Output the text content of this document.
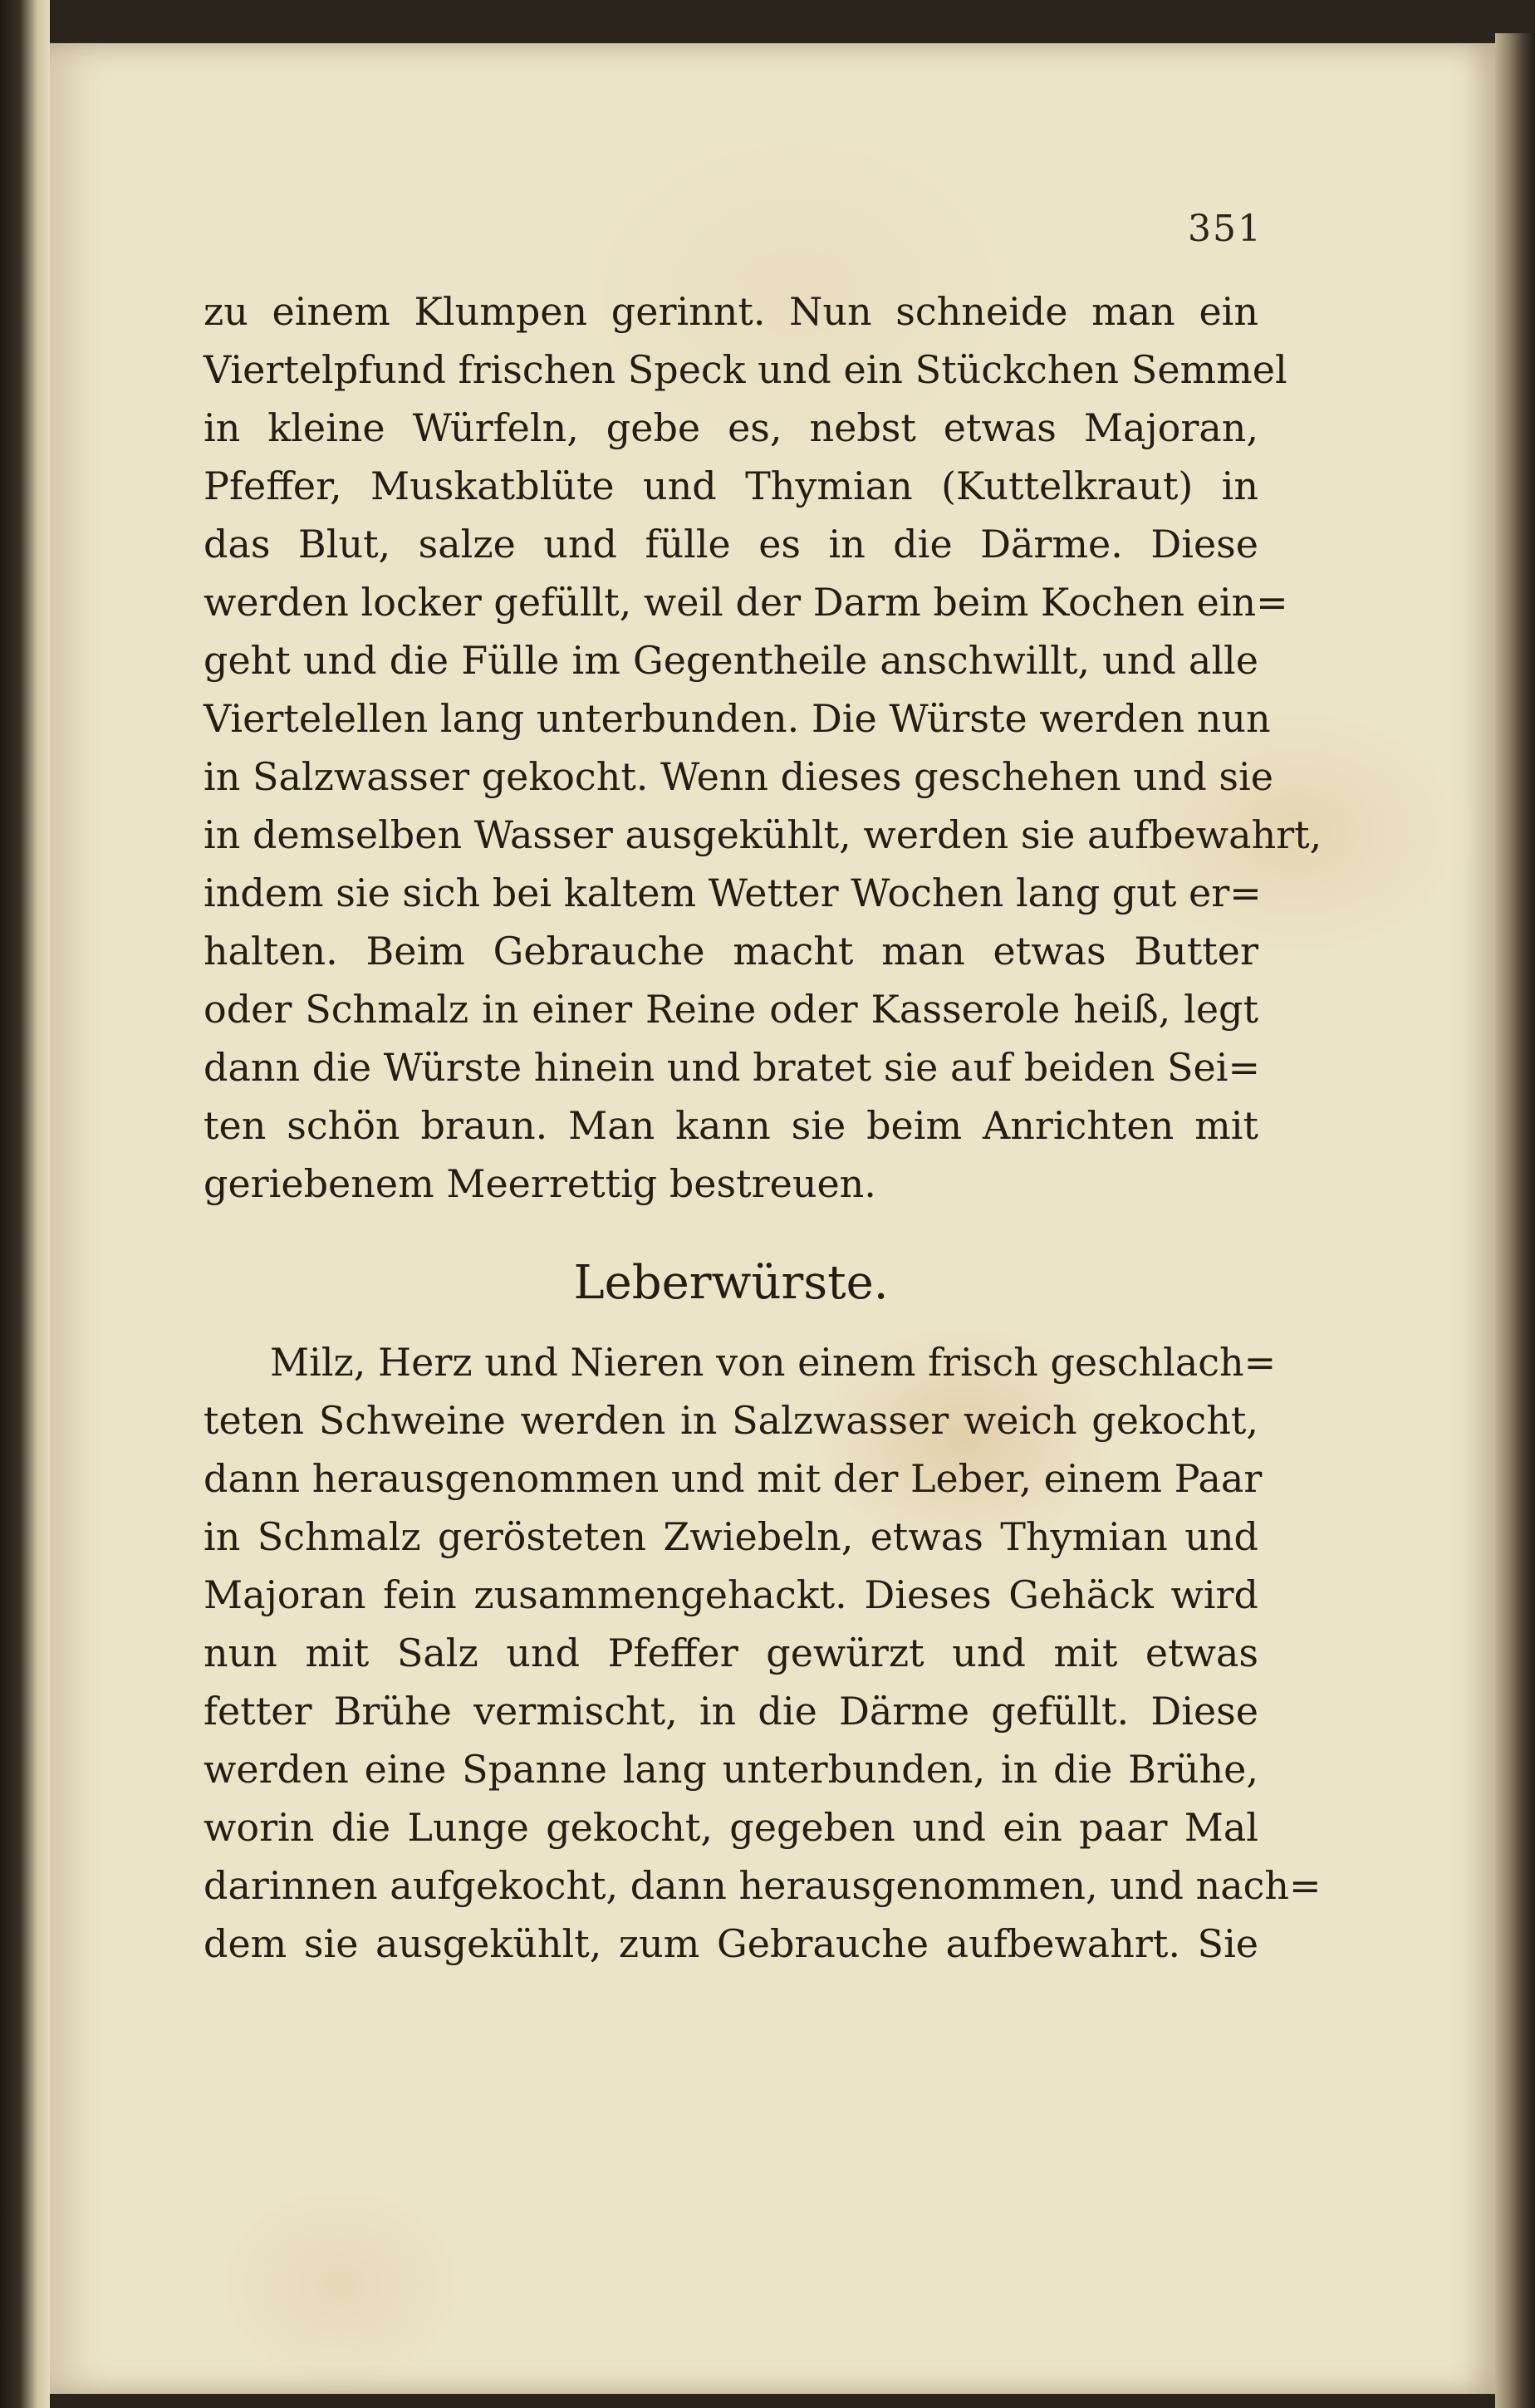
351
zu einem Klumpen gerinnt. Nun schneide man ein
Viertelpfund frischen Speck und ein Stückchen Semmel
in kleine Würfeln, gebe es, nebst etwas Majoran,
Pfeffer, Muskatblüte und Thymian (Kuttelkraut) in
das Blut, salze und fülle es in die Därme. Diese
werden locker gefüllt, weil der Darm beim Kochen ein=
geht und die Fülle im Gegentheile anschwillt, und alle
Viertelellen lang unterbunden. Die Würste werden nun
in Salzwasser gekocht. Wenn dieses geschehen und sie
in demselben Wasser ausgekühlt, werden sie aufbewahrt,
indem sie sich bei kaltem Wetter Wochen lang gut er=
halten. Beim Gebrauche macht man etwas Butter
oder Schmalz in einer Reine oder Kasserole heiß, legt
dann die Würste hinein und bratet sie auf beiden Sei=
ten schön braun. Man kann sie beim Anrichten mit
geriebenem Meerrettig bestreuen.
Leberwürste.
Milz, Herz und Nieren von einem frisch geschlach=
teten Schweine werden in Salzwasser weich gekocht,
dann herausgenommen und mit der Leber, einem Paar
in Schmalz gerösteten Zwiebeln, etwas Thymian und
Majoran fein zusammengehackt. Dieses Gehäck wird
nun mit Salz und Pfeffer gewürzt und mit etwas
fetter Brühe vermischt, in die Därme gefüllt. Diese
werden eine Spanne lang unterbunden, in die Brühe,
worin die Lunge gekocht, gegeben und ein paar Mal
darinnen aufgekocht, dann herausgenommen, und nach=
dem sie ausgekühlt, zum Gebrauche aufbewahrt. Sie
